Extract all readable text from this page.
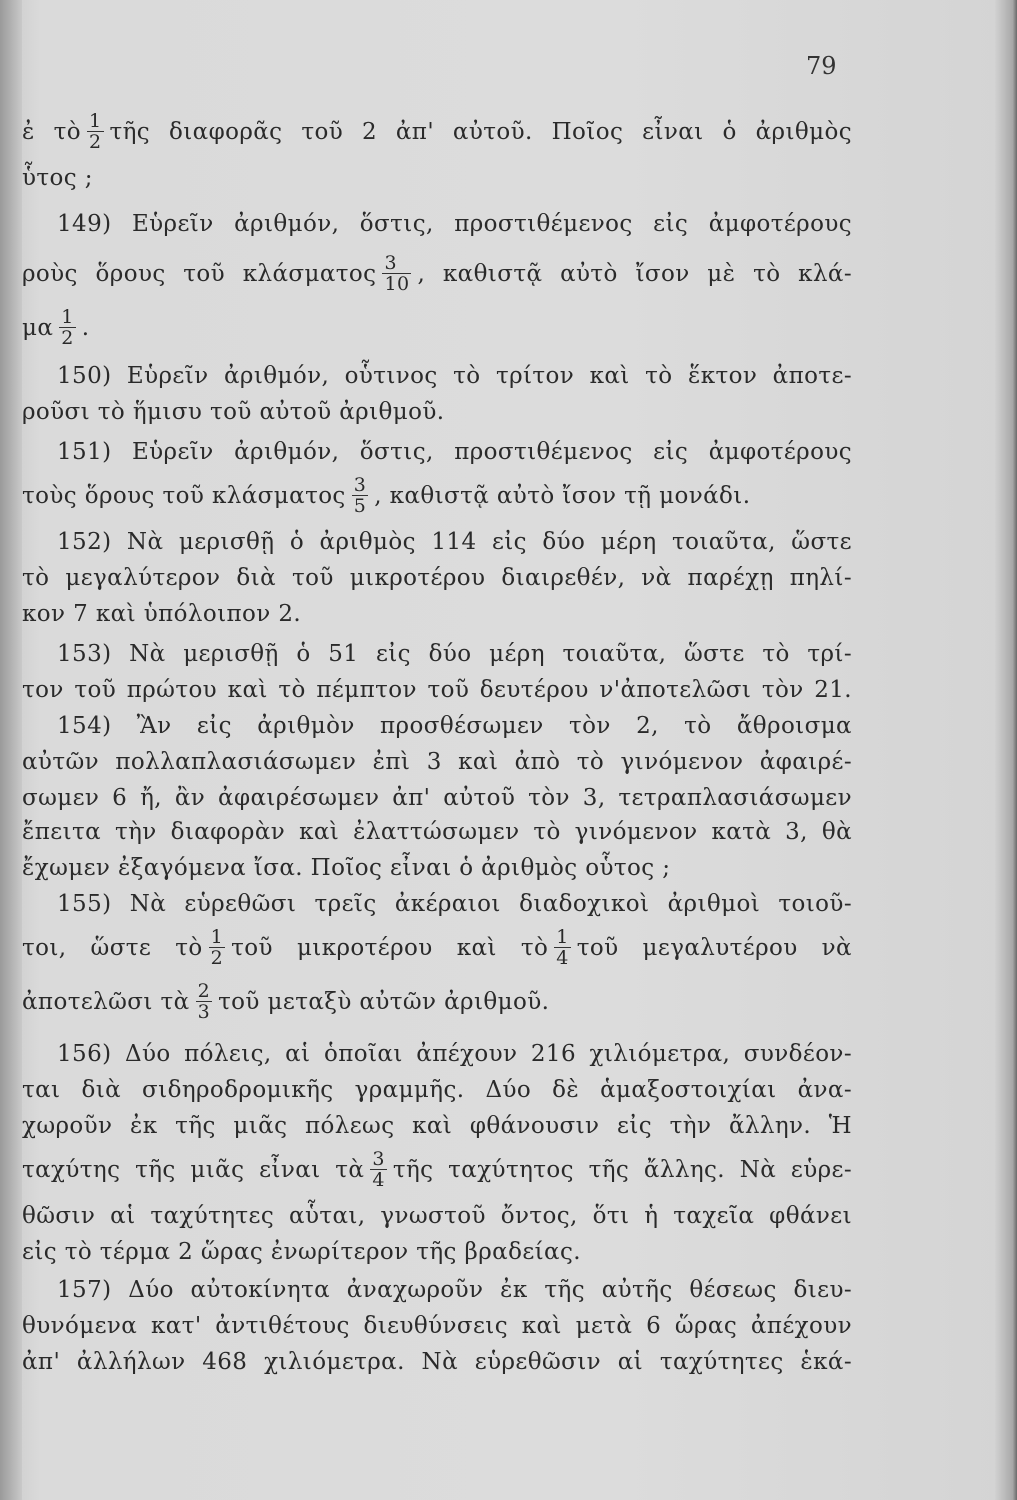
79
ἐ τὸ $\frac{1}{2}$ τῆς διαφορᾶς τοῦ 2 ἀπ' αὐτοῦ. Ποῖος εἶναι ὁ ἀριθμὸς
ὗτος ;
149) Εὑρεῖν ἀριθμόν, ὅστις, προστιθέμενος εἰς ἀμφοτέρους
ροὺς ὅρους τοῦ κλάσματος $\frac{3}{10}$ , καθιστᾷ αὐτὸ ἴσον μὲ τὸ κλά-
μα $\frac{1}{2}$ .
150) Εὑρεῖν ἀριθμόν, οὗτινος τὸ τρίτον καὶ τὸ ἕκτον ἀποτε-
ροῦσι τὸ ἥμισυ τοῦ αὐτοῦ ἀριθμοῦ.
151) Εὑρεῖν ἀριθμόν, ὅστις, προστιθέμενος εἰς ἀμφοτέρους
τοὺς ὅρους τοῦ κλάσματος $\frac{3}{5}$ , καθιστᾷ αὐτὸ ἴσον τῇ μονάδι.
152) Νὰ μερισθῇ ὁ ἀριθμὸς 114 εἰς δύο μέρη τοιαῦτα, ὥστε
τὸ μεγαλύτερον διὰ τοῦ μικροτέρου διαιρεθέν, νὰ παρέχῃ πηλί-
κον 7 καὶ ὑπόλοιπον 2.
153) Νὰ μερισθῇ ὁ 51 εἰς δύο μέρη τοιαῦτα, ὥστε τὸ τρί-
τον τοῦ πρώτου καὶ τὸ πέμπτον τοῦ δευτέρου ν'ἀποτελῶσι τὸν 21.
154) Ἂν εἰς ἀριθμὸν προσθέσωμεν τὸν 2, τὸ ἄθροισμα
αὐτῶν πολλαπλασιάσωμεν ἐπὶ 3 καὶ ἀπὸ τὸ γινόμενον ἀφαιρέ-
σωμεν 6 ἤ, ἂν ἀφαιρέσωμεν ἀπ' αὐτοῦ τὸν 3, τετραπλασιάσωμεν
ἔπειτα τὴν διαφορὰν καὶ ἐλαττώσωμεν τὸ γινόμενον κατὰ 3, θὰ
ἔχωμεν ἐξαγόμενα ἴσα. Ποῖος εἶναι ὁ ἀριθμὸς οὗτος ;
155) Νὰ εὑρεθῶσι τρεῖς ἀκέραιοι διαδοχικοὶ ἀριθμοὶ τοιοῦ-
τοι, ὥστε τὸ $\frac{1}{2}$ τοῦ μικροτέρου καὶ τὸ $\frac{1}{4}$ τοῦ μεγαλυτέρου νὰ
ἀποτελῶσι τὰ $\frac{2}{3}$ τοῦ μεταξὺ αὐτῶν ἀριθμοῦ.
156) Δύο πόλεις, αἱ ὁποῖαι ἀπέχουν 216 χιλιόμετρα, συνδέον-
ται διὰ σιδηροδρομικῆς γραμμῆς. Δύο δὲ ἁμαξοστοιχίαι ἀνα-
χωροῦν ἐκ τῆς μιᾶς πόλεως καὶ φθάνουσιν εἰς τὴν ἄλλην. Ἡ
ταχύτης τῆς μιᾶς εἶναι τὰ $\frac{3}{4}$ τῆς ταχύτητος τῆς ἄλλης. Νὰ εὑρε-
θῶσιν αἱ ταχύτητες αὗται, γνωστοῦ ὄντος, ὅτι ἡ ταχεῖα φθάνει
εἰς τὸ τέρμα 2 ὥρας ἐνωρίτερον τῆς βραδείας.
157) Δύο αὐτοκίνητα ἀναχωροῦν ἐκ τῆς αὐτῆς θέσεως διευ-
θυνόμενα κατ' ἀντιθέτους διευθύνσεις καὶ μετὰ 6 ὥρας ἀπέχουν
ἀπ' ἀλλήλων 468 χιλιόμετρα. Νὰ εὑρεθῶσιν αἱ ταχύτητες ἑκά-
